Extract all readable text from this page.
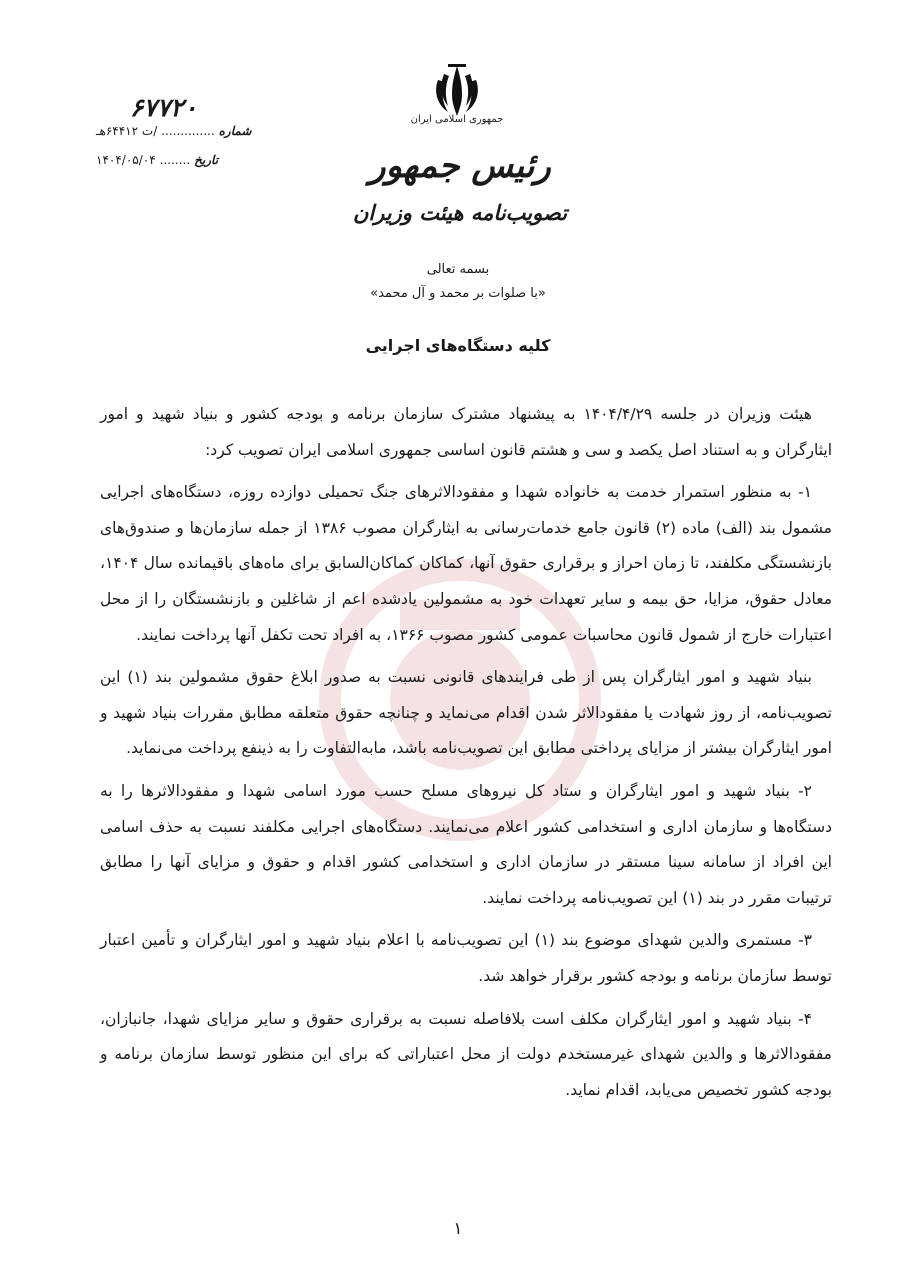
جمهوری اسلامی ایران
رئیس جمهور
تصویب‌نامه هیئت وزیران
۶۷۷۲۰
شماره
..............
/ت ۶۴۴۱۲هـ
تاریخ
........
۱۴۰۴/۰۵/۰۴
بسمه تعالی
«با صلوات بر محمد و آل محمد»
کلیه دستگاه‌های اجرایی

هیئت وزیران در جلسه ۱۴۰۴/۴/۲۹ به پیشنهاد مشترک سازمان برنامه و بودجه کشور و بنیاد شهید و امور ایثارگران و به استناد اصل یکصد و سی و هشتم قانون اساسی جمهوری اسلامی ایران تصویب کرد:

۱- به منظور استمرار خدمت به خانواده شهدا و مفقودالاثرهای جنگ تحمیلی دوازده روزه، دستگاه‌های اجرایی مشمول بند (الف) ماده (۲) قانون جامع خدمات‌رسانی به ایثارگران مصوب ۱۳۸۶ از جمله سازمان‌ها و صندوق‌های بازنشستگی مکلفند، تا زمان احراز و برقراری حقوق آنها، کماکان کماکان‌السابق برای ماه‌های باقیمانده سال ۱۴۰۴، معادل حقوق، مزایا، حق بیمه و سایر تعهدات خود به مشمولین یادشده اعم از شاغلین و بازنشستگان را از محل اعتبارات خارج از شمول قانون محاسبات عمومی کشور مصوب ۱۳۶۶، به افراد تحت تکفل آنها پرداخت نمایند.

بنیاد شهید و امور ایثارگران پس از طی فرایندهای قانونی نسبت به صدور ابلاغ حقوق مشمولین بند (۱) این تصویب‌نامه، از روز شهادت یا مفقودالاثر شدن اقدام می‌نماید و چنانچه حقوق متعلقه مطابق مقررات بنیاد شهید و امور ایثارگران بیشتر از مزایای پرداختی مطابق این تصویب‌نامه باشد، مابه‌التفاوت را به ذینفع پرداخت می‌نماید.

۲- بنیاد شهید و امور ایثارگران و ستاد کل نیروهای مسلح حسب مورد اسامی شهدا و مفقودالاثرها را به دستگاه‌ها و سازمان اداری و استخدامی کشور اعلام می‌نمایند. دستگاه‌های اجرایی مکلفند نسبت به حذف اسامی این افراد از سامانه سینا مستقر در سازمان اداری و استخدامی کشور اقدام و حقوق و مزایای آنها را مطابق ترتیبات مقرر در بند (۱) این تصویب‌نامه پرداخت نمایند.

۳- مستمری والدین شهدای موضوع بند (۱) این تصویب‌نامه با اعلام بنیاد شهید و امور ایثارگران و تأمین اعتبار توسط سازمان برنامه و بودجه کشور برقرار خواهد شد.

۴- بنیاد شهید و امور ایثارگران مکلف است بلافاصله نسبت به برقراری حقوق و سایر مزایای شهدا، جانبازان، مفقودالاثرها و والدین شهدای غیرمستخدم دولت از محل اعتباراتی که برای این منظور توسط سازمان برنامه و بودجه کشور تخصیص می‌یابد، اقدام نماید.

۱
